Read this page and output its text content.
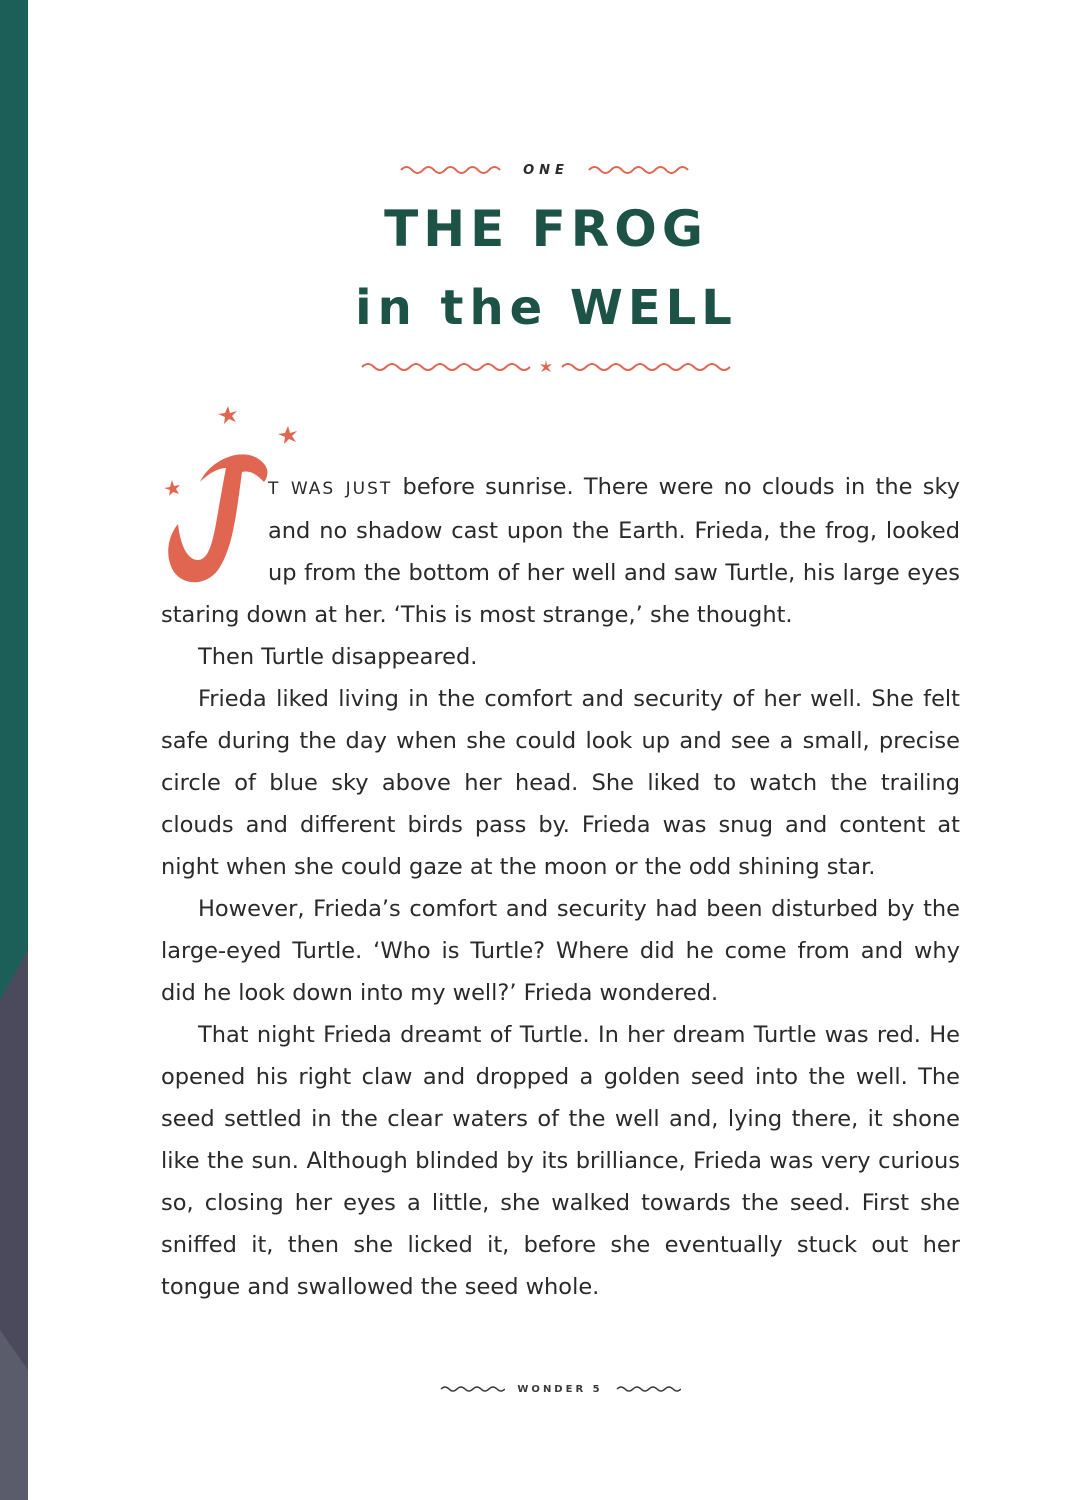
ONE
THE FROG
in the WELL

T WAS JUST before sunrise. There were no clouds in the sky and no shadow cast upon the Earth. Frieda, the frog, looked up from the bottom of her well and saw Turtle, his large eyes staring down at her. ‘This is most strange,’ she thought.

Then Turtle disappeared.

Frieda liked living in the comfort and security of her well. She felt safe during the day when she could look up and see a small, precise circle of blue sky above her head. She liked to watch the trailing clouds and different birds pass by. Frieda was snug and content at night when she could gaze at the moon or the odd shining star.

However, Frieda’s comfort and security had been disturbed by the large-eyed Turtle. ‘Who is Turtle? Where did he come from and why did he look down into my well?’ Frieda wondered.

That night Frieda dreamt of Turtle. In her dream Turtle was red. He opened his right claw and dropped a golden seed into the well. The seed settled in the clear waters of the well and, lying there, it shone like the sun. Although blinded by its brilliance, Frieda was very curious so, closing her eyes a little, she walked towards the seed. First she sniffed it, then she licked it, before she eventually stuck out her tongue and swallowed the seed whole.

WONDER 5
